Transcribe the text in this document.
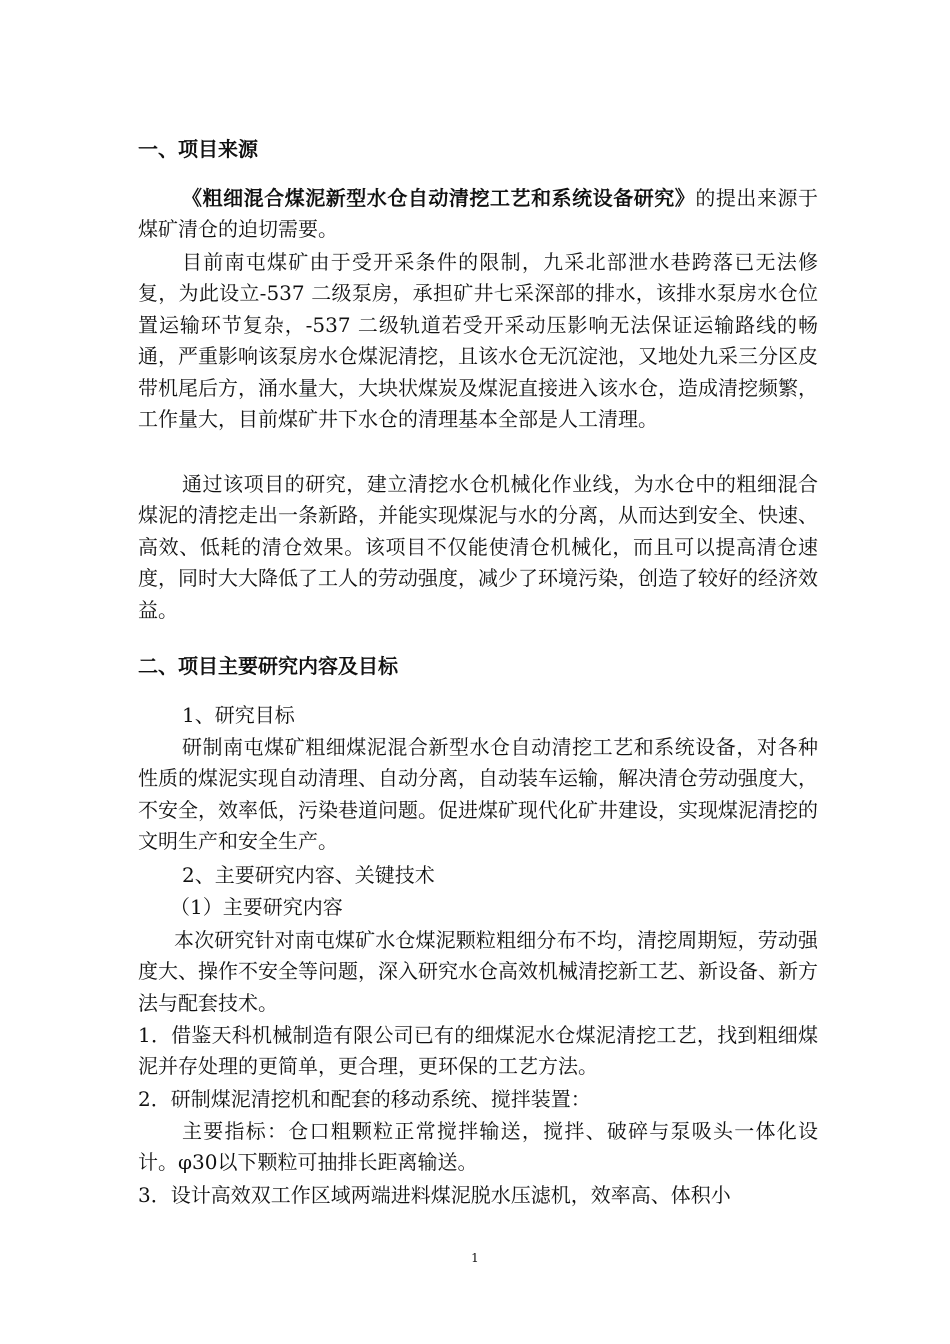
一、项目来源
《粗细混合煤泥新型水仓自动清挖工艺和系统设备研究》的提出来源于煤矿清仓的迫切需要。
目前南屯煤矿由于受开采条件的限制，九采北部泄水巷跨落已无法修复，为此设立-537 二级泵房，承担矿井七采深部的排水，该排水泵房水仓位置运输环节复杂，-537 二级轨道若受开采动压影响无法保证运输路线的畅通，严重影响该泵房水仓煤泥清挖，且该水仓无沉淀池，又地处九采三分区皮带机尾后方，涌水量大，大块状煤炭及煤泥直接进入该水仓，造成清挖频繁，工作量大，目前煤矿井下水仓的清理基本全部是人工清理。
通过该项目的研究，建立清挖水仓机械化作业线，为水仓中的粗细混合煤泥的清挖走出一条新路，并能实现煤泥与水的分离，从而达到安全、快速、高效、低耗的清仓效果。该项目不仅能使清仓机械化，而且可以提高清仓速度，同时大大降低了工人的劳动强度，减少了环境污染，创造了较好的经济效益。
二、项目主要研究内容及目标
1、研究目标
研制南屯煤矿粗细煤泥混合新型水仓自动清挖工艺和系统设备，对各种性质的煤泥实现自动清理、自动分离，自动装车运输，解决清仓劳动强度大，不安全，效率低，污染巷道问题。促进煤矿现代化矿井建设，实现煤泥清挖的文明生产和安全生产。
2、主要研究内容、关键技术
（1）主要研究内容
本次研究针对南屯煤矿水仓煤泥颗粒粗细分布不均，清挖周期短，劳动强度大、操作不安全等问题，深入研究水仓高效机械清挖新工艺、新设备、新方法与配套技术。
1．借鉴天科机械制造有限公司已有的细煤泥水仓煤泥清挖工艺，找到粗细煤泥并存处理的更简单，更合理，更环保的工艺方法。
2．研制煤泥清挖机和配套的移动系统、搅拌装置：
主要指标：仓口粗颗粒正常搅拌输送，搅拌、破碎与泵吸头一体化设计。φ30以下颗粒可抽排长距离输送。
3．设计高效双工作区域两端进料煤泥脱水压滤机，效率高、体积小
1
